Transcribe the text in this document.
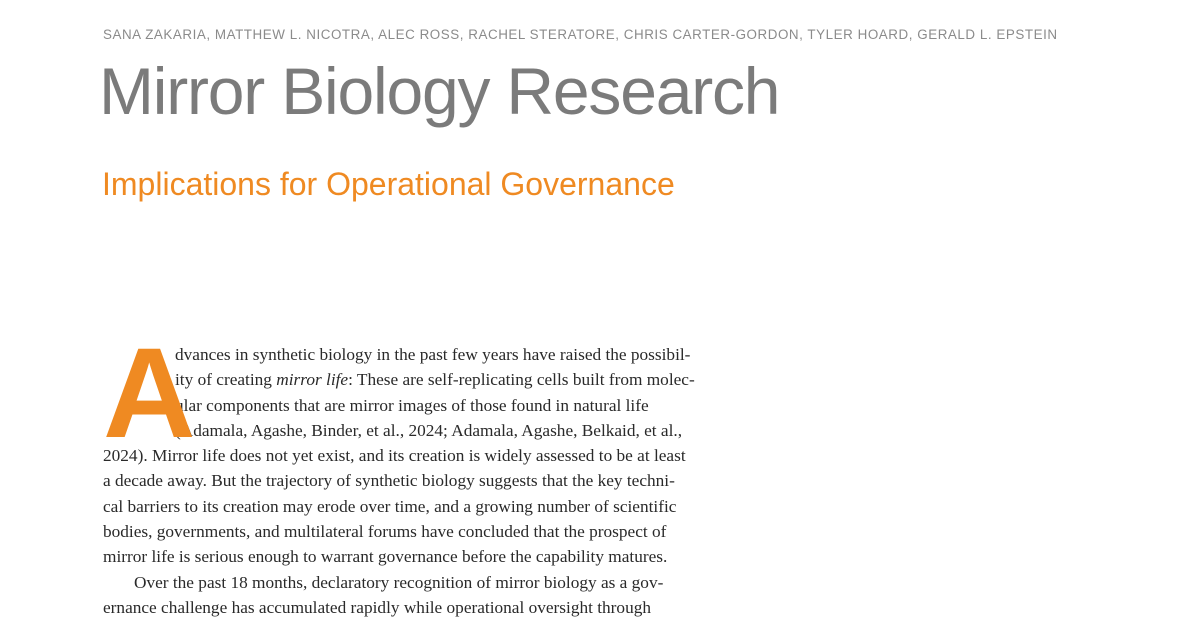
SANA ZAKARIA, MATTHEW L. NICOTRA, ALEC ROSS, RACHEL STERATORE, CHRIS CARTER-GORDON, TYLER HOARD, GERALD L. EPSTEIN
Mirror Biology Research
Implications for Operational Governance
A
dvances in synthetic biology in the past few years have raised the possibil-
ity of creating mirror life: These are self-replicating cells built from molec-
ular components that are mirror images of those found in natural life
(Adamala, Agashe, Binder, et al., 2024; Adamala, Agashe, Belkaid, et al.,
2024). Mirror life does not yet exist, and its creation is widely assessed to be at least
a decade away. But the trajectory of synthetic biology suggests that the key techni-
cal barriers to its creation may erode over time, and a growing number of scientific
bodies, governments, and multilateral forums have concluded that the prospect of
mirror life is serious enough to warrant governance before the capability matures.
Over the past 18 months, declaratory recognition of mirror biology as a gov-
ernance challenge has accumulated rapidly while operational oversight through
